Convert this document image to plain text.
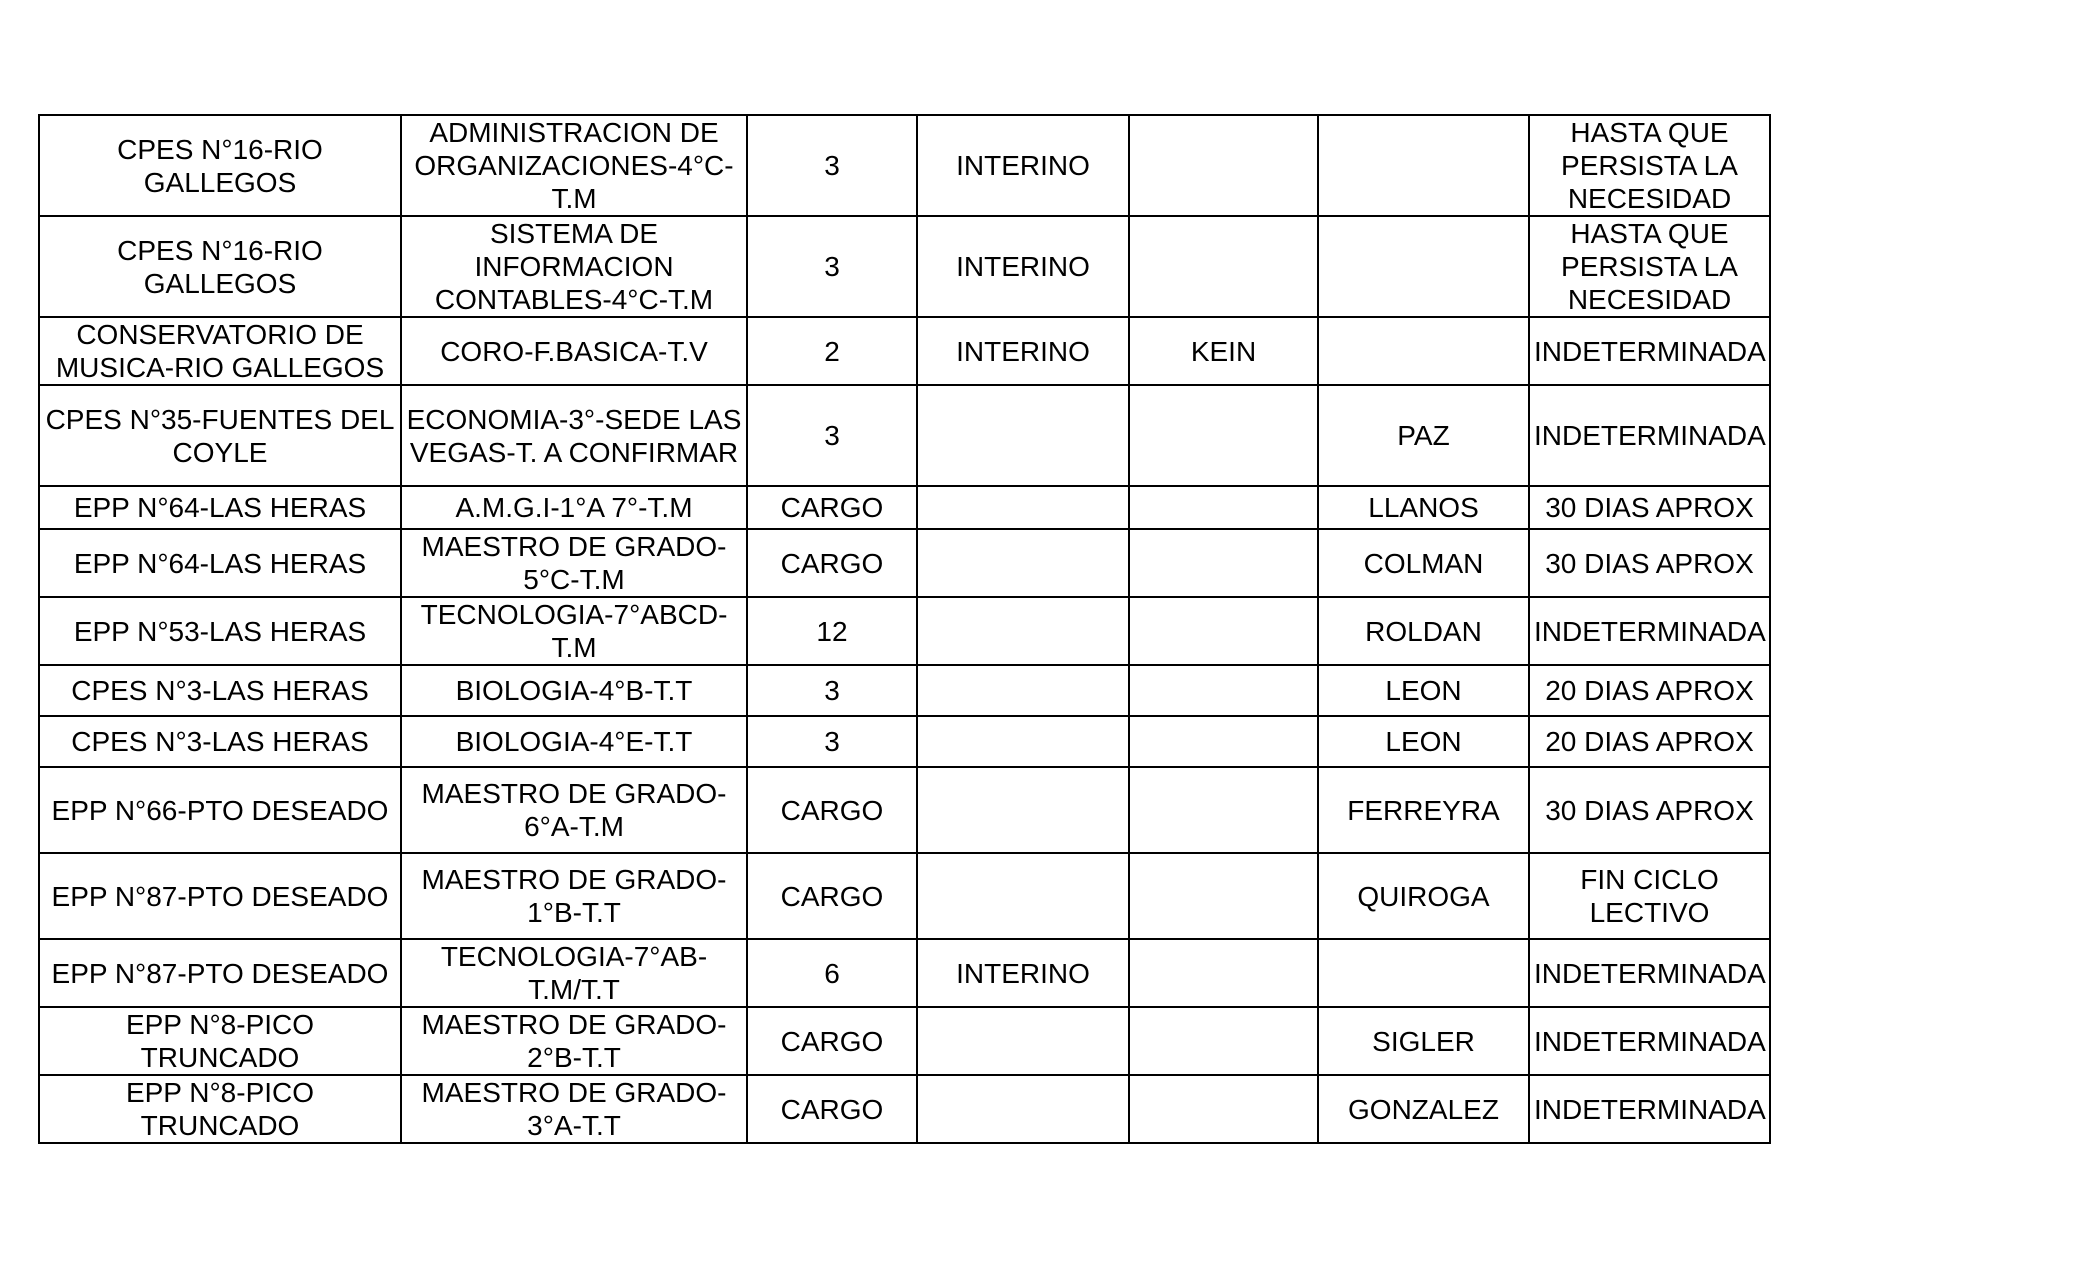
CPES N°16-RIO
GALLEGOS	ADMINISTRACION DE
ORGANIZACIONES-4°C-
T.M	3	INTERINO			HASTA QUE
PERSISTA LA
NECESIDAD
CPES N°16-RIO
GALLEGOS	SISTEMA DE
INFORMACION
CONTABLES-4°C-T.M	3	INTERINO			HASTA QUE
PERSISTA LA
NECESIDAD
CONSERVATORIO DE
MUSICA-RIO GALLEGOS	CORO-F.BASICA-T.V	2	INTERINO	KEIN		INDETERMINADA
CPES N°35-FUENTES DEL
COYLE	ECONOMIA-3°-SEDE LAS
VEGAS-T. A CONFIRMAR	3			PAZ	INDETERMINADA
EPP N°64-LAS HERAS	A.M.G.I-1°A 7°-T.M	CARGO			LLANOS	30 DIAS APROX
EPP N°64-LAS HERAS	MAESTRO DE GRADO-
5°C-T.M	CARGO			COLMAN	30 DIAS APROX
EPP N°53-LAS HERAS	TECNOLOGIA-7°ABCD-
T.M	12			ROLDAN	INDETERMINADA
CPES N°3-LAS HERAS	BIOLOGIA-4°B-T.T	3			LEON	20 DIAS APROX
CPES N°3-LAS HERAS	BIOLOGIA-4°E-T.T	3			LEON	20 DIAS APROX
EPP N°66-PTO DESEADO	MAESTRO DE GRADO-
6°A-T.M	CARGO			FERREYRA	30 DIAS APROX
EPP N°87-PTO DESEADO	MAESTRO DE GRADO-
1°B-T.T	CARGO			QUIROGA	FIN CICLO
LECTIVO
EPP N°87-PTO DESEADO	TECNOLOGIA-7°AB-
T.M/T.T	6	INTERINO			INDETERMINADA
EPP N°8-PICO TRUNCADO	MAESTRO DE GRADO-
2°B-T.T	CARGO			SIGLER	INDETERMINADA
EPP N°8-PICO TRUNCADO	MAESTRO DE GRADO-
3°A-T.T	CARGO			GONZALEZ	INDETERMINADA
